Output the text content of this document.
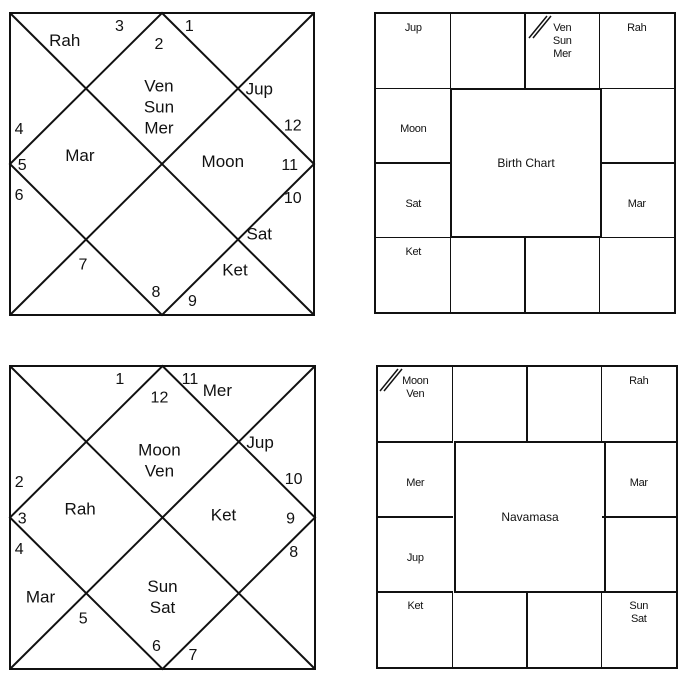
2
Ven
Sun
Mer
1
12
Jup
11
Moon
10
Sat
9
Ket
8
7
6
5
Mar
4
3
Rah
12
Moon
Ven
11
Mer
10
Jup
9
Ket
8
7
6
Sun
Sat
5
4
Mar
3
Rah
2
1
Birth Chart
Jup	Ven
Sun
Mer
Rah
Moon
Sat	Mar
Ket
Navamasa
Moon
Ven
Rah
Mer
Jup
Mar
Ket	Sun
Sat
